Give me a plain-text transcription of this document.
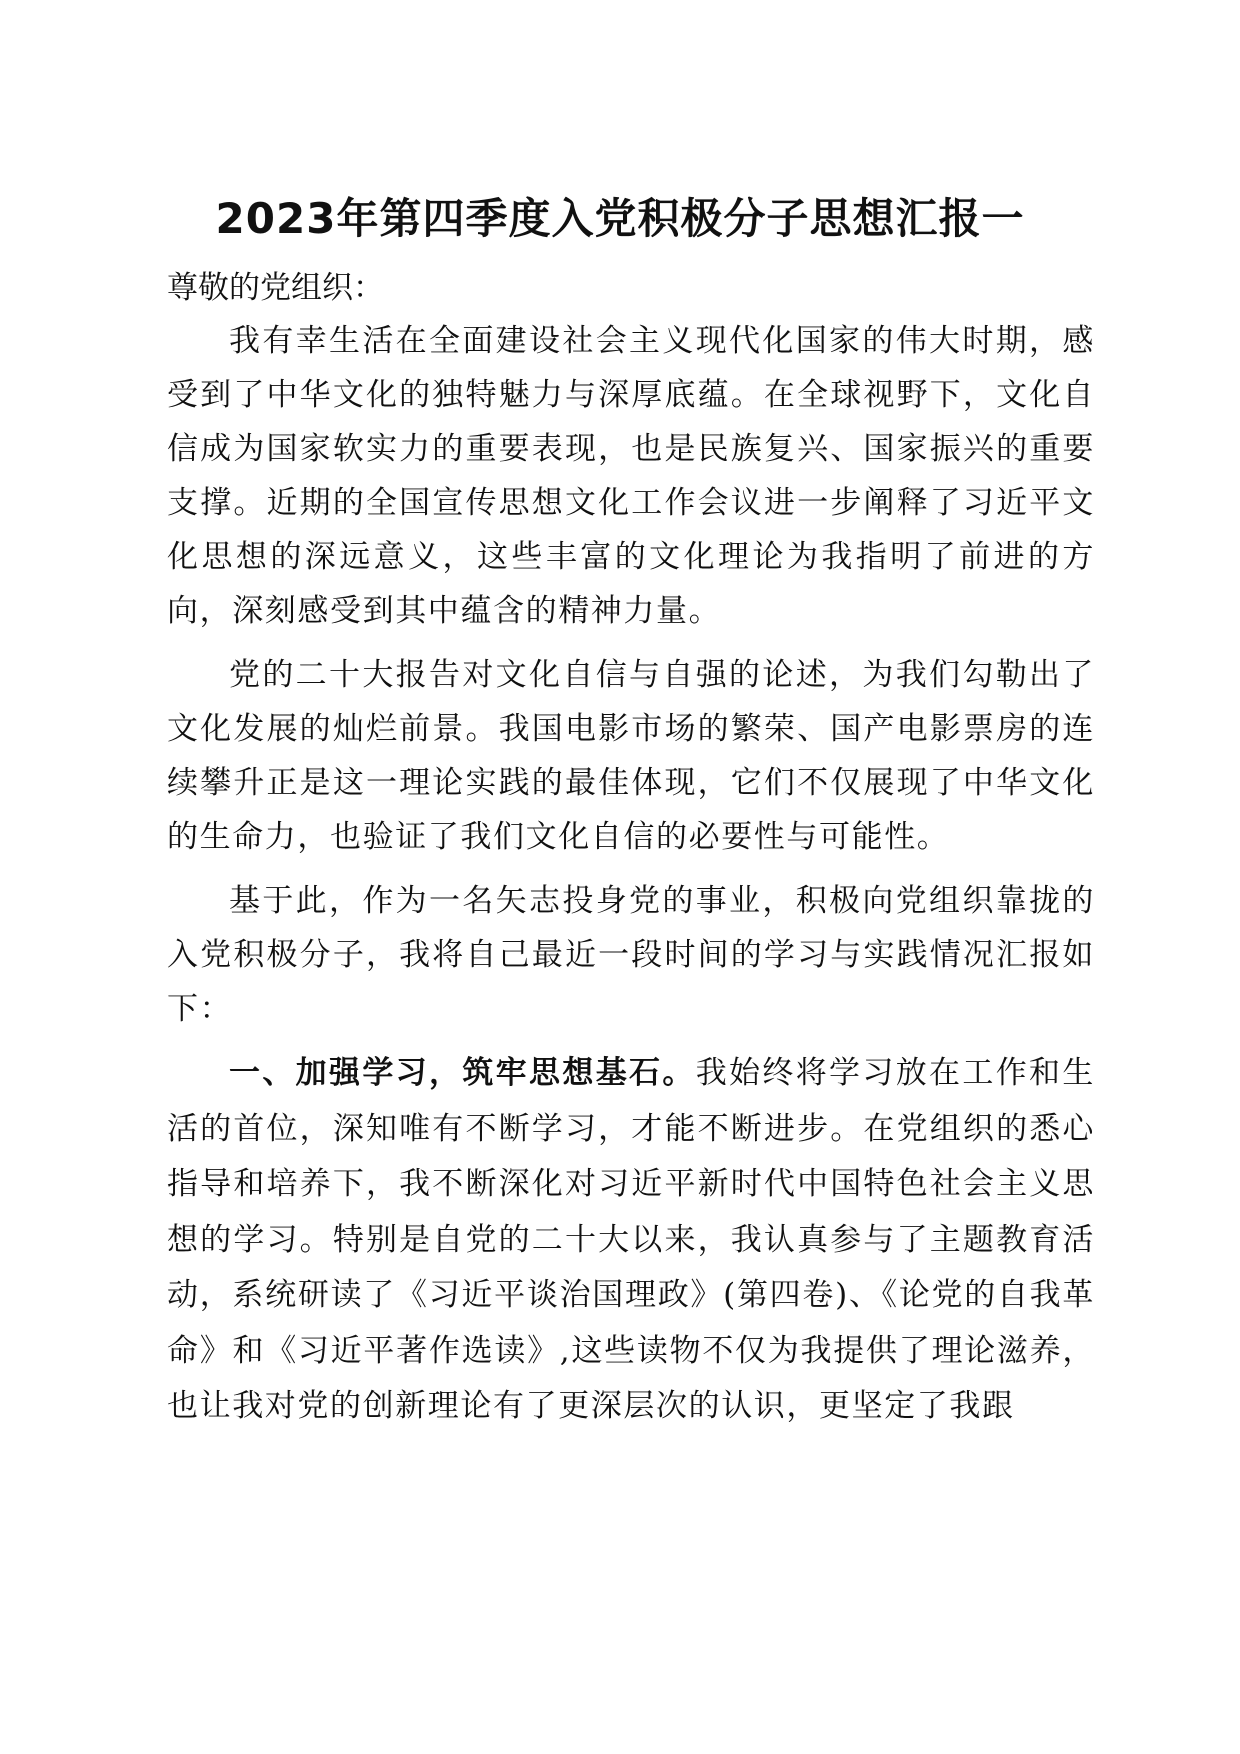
2023年第四季度入党积极分子思想汇报一

尊敬的党组织：

我有幸生活在全面建设社会主义现代化国家的伟大时期，感受到了中华文化的独特魅力与深厚底蕴。在全球视野下，文化自信成为国家软实力的重要表现，也是民族复兴、国家振兴的重要支撑。近期的全国宣传思想文化工作会议进一步阐释了习近平文化思想的深远意义，这些丰富的文化理论为我指明了前进的方向，深刻感受到其中蕴含的精神力量。

党的二十大报告对文化自信与自强的论述，为我们勾勒出了文化发展的灿烂前景。我国电影市场的繁荣、国产电影票房的连续攀升正是这一理论实践的最佳体现，它们不仅展现了中华文化的生命力，也验证了我们文化自信的必要性与可能性。

基于此，作为一名矢志投身党的事业，积极向党组织靠拢的入党积极分子，我将自己最近一段时间的学习与实践情况汇报如下：

一、加强学习，筑牢思想基石。我始终将学习放在工作和生活的首位，深知唯有不断学习，才能不断进步。在党组织的悉心指导和培养下，我不断深化对习近平新时代中国特色社会主义思想的学习。特别是自党的二十大以来，我认真参与了主题教育活动，系统研读了《习近平谈治国理政》(第四卷)、《论党的自我革命》和《习近平著作选读》,这些读物不仅为我提供了理论滋养，也让我对党的创新理论有了更深层次的认识，更坚定了我跟
